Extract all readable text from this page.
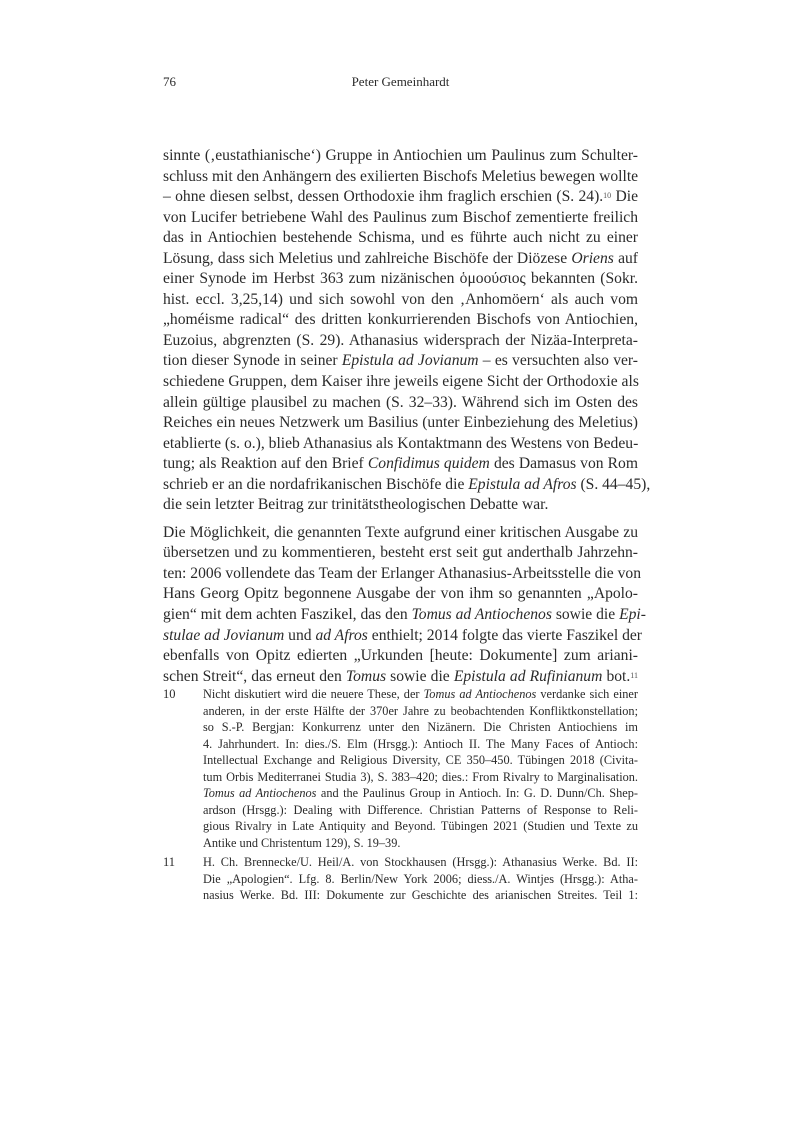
76	Peter Gemeinhardt
sinnte (‚eustathianische‘) Gruppe in Antiochien um Paulinus zum Schulter-
schluss mit den Anhängern des exilierten Bischofs Meletius bewegen wollte
– ohne diesen selbst, dessen Orthodoxie ihm fraglich erschien (S. 24).$^{10}$ Die
von Lucifer betriebene Wahl des Paulinus zum Bischof zementierte freilich
das in Antiochien bestehende Schisma, und es führte auch nicht zu einer
Lösung, dass sich Meletius und zahlreiche Bischöfe der Diözese Oriens auf
einer Synode im Herbst 363 zum nizänischen ὁμοούσιος bekannten (Sokr.
hist. eccl. 3,25,14) und sich sowohl von den ‚Anhomöern‘ als auch vom
„homéisme radical“ des dritten konkurrierenden Bischofs von Antiochien,
Euzoius, abgrenzten (S. 29). Athanasius widersprach der Nizäa-Interpreta-
tion dieser Synode in seiner Epistula ad Jovianum – es versuchten also ver-
schiedene Gruppen, dem Kaiser ihre jeweils eigene Sicht der Orthodoxie als
allein gültige plausibel zu machen (S. 32–33). Während sich im Osten des
Reiches ein neues Netzwerk um Basilius (unter Einbeziehung des Meletius)
etablierte (s. o.), blieb Athanasius als Kontaktmann des Westens von Bedeu-
tung; als Reaktion auf den Brief Confidimus quidem des Damasus von Rom
schrieb er an die nordafrikanischen Bischöfe die Epistula ad Afros (S. 44–45),
die sein letzter Beitrag zur trinitätstheologischen Debatte war.
Die Möglichkeit, die genannten Texte aufgrund einer kritischen Ausgabe zu
übersetzen und zu kommentieren, besteht erst seit gut anderthalb Jahrzehn-
ten: 2006 vollendete das Team der Erlanger Athanasius-Arbeitsstelle die von
Hans Georg Opitz begonnene Ausgabe der von ihm so genannten „Apolo-
gien“ mit dem achten Faszikel, das den Tomus ad Antiochenos sowie die Epi-
stulae ad Jovianum und ad Afros enthielt; 2014 folgte das vierte Faszikel der
ebenfalls von Opitz edierten „Urkunden [heute: Dokumente] zum ariani-
schen Streit“, das erneut den Tomus sowie die Epistula ad Rufinianum bot.$^{11}$
10 Nicht diskutiert wird die neuere These, der Tomus ad Antiochenos verdanke sich einer
anderen, in der erste Hälfte der 370er Jahre zu beobachtenden Konfliktkonstellation;
so S.-P. Bergjan: Konkurrenz unter den Nizänern. Die Christen Antiochiens im
4. Jahrhundert. In: dies./S. Elm (Hrsgg.): Antioch II. The Many Faces of Antioch:
Intellectual Exchange and Religious Diversity, CE 350–450. Tübingen 2018 (Civita-
tum Orbis Mediterranei Studia 3), S. 383–420; dies.: From Rivalry to Marginalisation.
Tomus ad Antiochenos and the Paulinus Group in Antioch. In: G. D. Dunn/Ch. Shep-
ardson (Hrsgg.): Dealing with Difference. Christian Patterns of Response to Reli-
gious Rivalry in Late Antiquity and Beyond. Tübingen 2021 (Studien und Texte zu
Antike und Christentum 129), S. 19–39.
11 H. Ch. Brennecke/U. Heil/A. von Stockhausen (Hrsgg.): Athanasius Werke. Bd. II:
Die „Apologien“. Lfg. 8. Berlin/New York 2006; diess./A. Wintjes (Hrsgg.): Atha-
nasius Werke. Bd. III: Dokumente zur Geschichte des arianischen Streites. Teil 1:
